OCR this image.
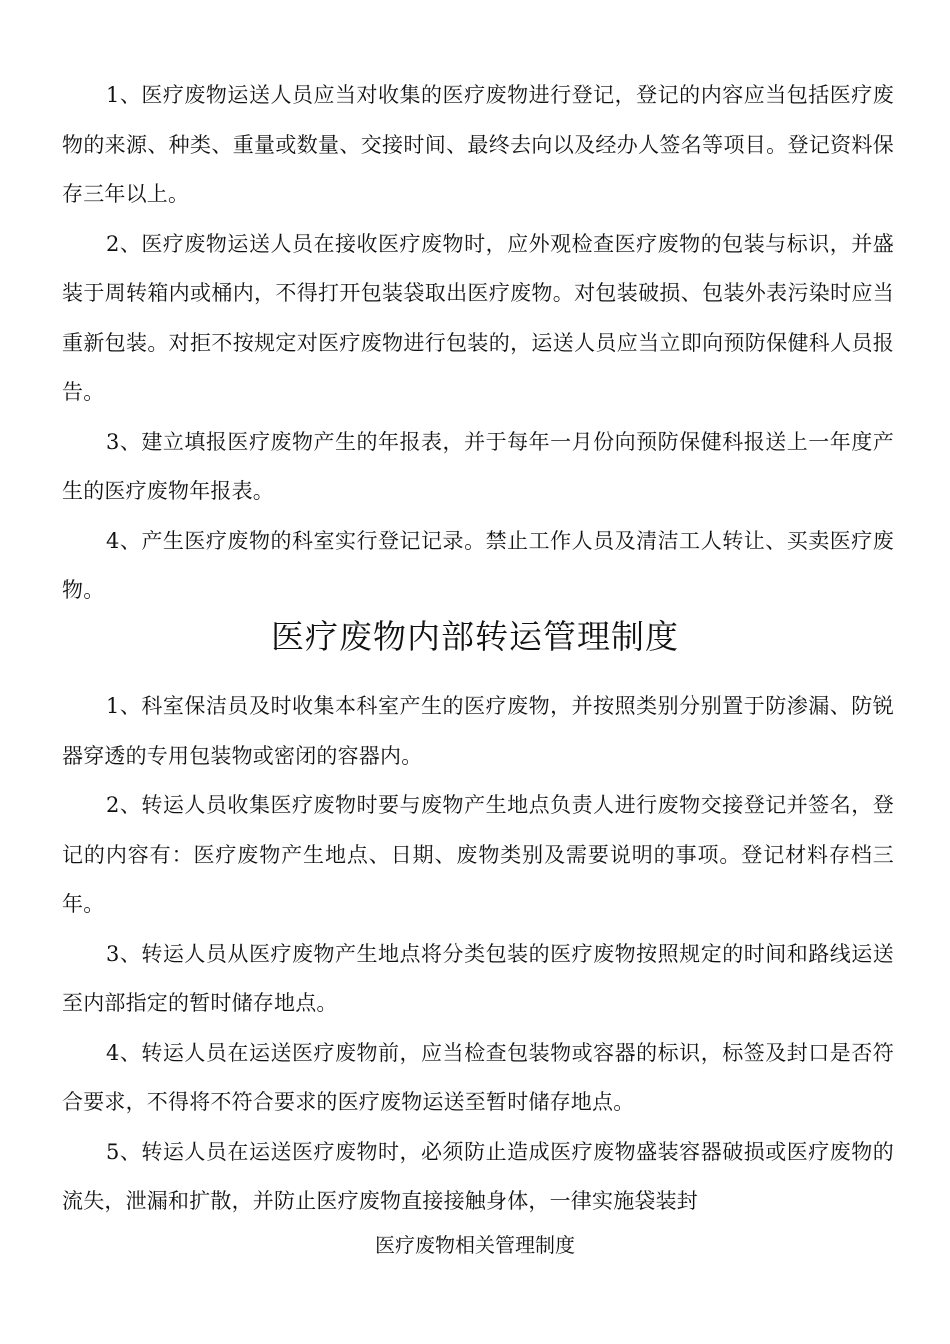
1、医疗废物运送人员应当对收集的医疗废物进行登记，登记的内容应当包括医疗废物的来源、种类、重量或数量、交接时间、最终去向以及经办人签名等项目。登记资料保存三年以上。

2、医疗废物运送人员在接收医疗废物时，应外观检查医疗废物的包装与标识，并盛装于周转箱内或桶内，不得打开包装袋取出医疗废物。对包装破损、包装外表污染时应当重新包装。对拒不按规定对医疗废物进行包装的，运送人员应当立即向预防保健科人员报告。

3、建立填报医疗废物产生的年报表，并于每年一月份向预防保健科报送上一年度产生的医疗废物年报表。

4、产生医疗废物的科室实行登记记录。禁止工作人员及清洁工人转让、买卖医疗废物。

医疗废物内部转运管理制度

1、科室保洁员及时收集本科室产生的医疗废物，并按照类别分别置于防渗漏、防锐器穿透的专用包装物或密闭的容器内。

2、转运人员收集医疗废物时要与废物产生地点负责人进行废物交接登记并签名，登记的内容有：医疗废物产生地点、日期、废物类别及需要说明的事项。登记材料存档三年。

3、转运人员从医疗废物产生地点将分类包装的医疗废物按照规定的时间和路线运送至内部指定的暂时储存地点。

4、转运人员在运送医疗废物前，应当检查包装物或容器的标识，标签及封口是否符合要求，不得将不符合要求的医疗废物运送至暂时储存地点。

5、转运人员在运送医疗废物时，必须防止造成医疗废物盛装容器破损或医疗废物的流失，泄漏和扩散，并防止医疗废物直接接触身体，一律实施袋装封

医疗废物相关管理制度
